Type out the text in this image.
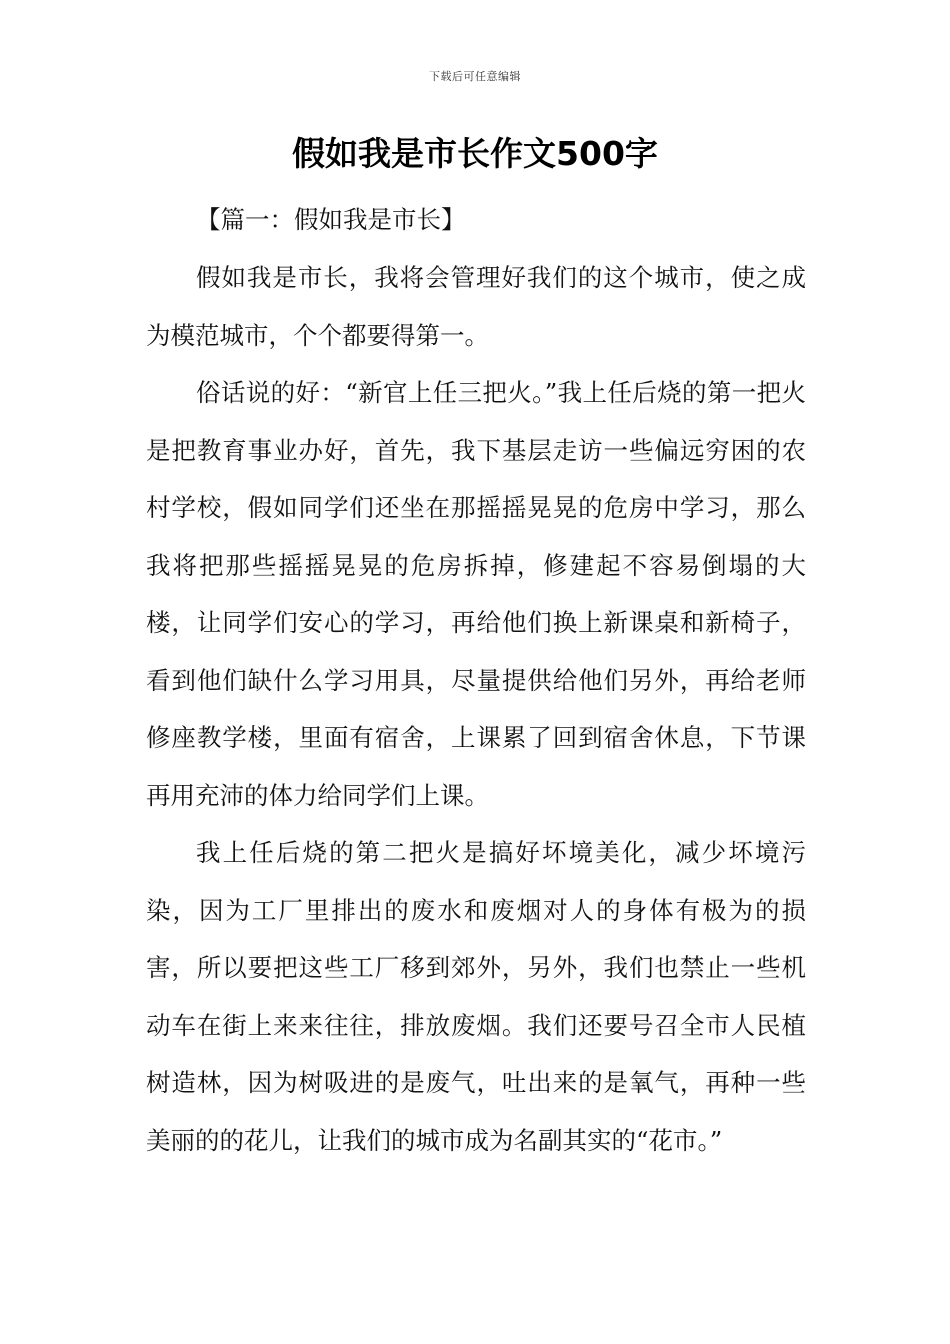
下载后可任意编辑
假如我是市长作文500字

【篇一：假如我是市长】

假如我是市长，我将会管理好我们的这个城市，使之成为模范城市，个个都要得第一。

俗话说的好：“新官上任三把火。”我上任后烧的第一把火是把教育事业办好，首先，我下基层走访一些偏远穷困的农村学校，假如同学们还坐在那摇摇晃晃的危房中学习，那么我将把那些摇摇晃晃的危房拆掉，修建起不容易倒塌的大楼，让同学们安心的学习，再给他们换上新课桌和新椅子，看到他们缺什么学习用具，尽量提供给他们另外，再给老师修座教学楼，里面有宿舍，上课累了回到宿舍休息，下节课再用充沛的体力给同学们上课。

我上任后烧的第二把火是搞好坏境美化，减少坏境污染，因为工厂里排出的废水和废烟对人的身体有极为的损害，所以要把这些工厂移到郊外，另外，我们也禁止一些机动车在街上来来往往，排放废烟。我们还要号召全市人民植树造林，因为树吸进的是废气，吐出来的是氧气，再种一些美丽的的花儿，让我们的城市成为名副其实的“花市。”
